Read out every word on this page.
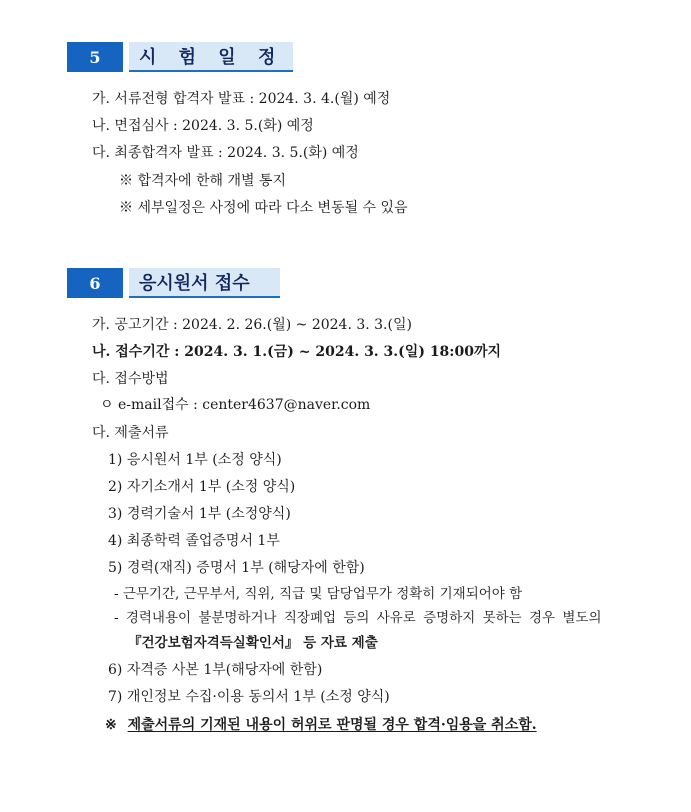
5	시 험 일 정
가. 서류전형 합격자 발표 : 2024. 3. 4.(월) 예정
나. 면접심사 : 2024. 3. 5.(화) 예정
다. 최종합격자 발표 : 2024. 3. 5.(화) 예정
※ 합격자에 한해 개별 통지
※ 세부일정은 사정에 따라 다소 변동될 수 있음
6	응시원서 접수
가. 공고기간 : 2024. 2. 26.(월) ~ 2024. 3. 3.(일)
나. 접수기간 : 2024. 3. 1.(금) ~ 2024. 3. 3.(일) 18:00까지
다. 접수방법
ㅇ e-mail접수 : center4637@naver.com
다. 제출서류
1) 응시원서 1부 (소정 양식)
2) 자기소개서 1부 (소정 양식)
3) 경력기술서 1부 (소정양식)
4) 최종학력 졸업증명서 1부
5) 경력(재직) 증명서 1부 (해당자에 한함)
- 근무기간, 근무부서, 직위, 직급 및 담당업무가 정확히 기재되어야 함
- 경력내용이 불분명하거나 직장폐업 등의 사유로 증명하지 못하는 경우 별도의
『건강보험자격득실확인서』 등 자료 제출
6) 자격증 사본 1부(해당자에 한함)
7) 개인정보 수집·이용 동의서 1부 (소정 양식)
※ 제출서류의 기재된 내용이 허위로 판명될 경우 합격·임용을 취소함.
